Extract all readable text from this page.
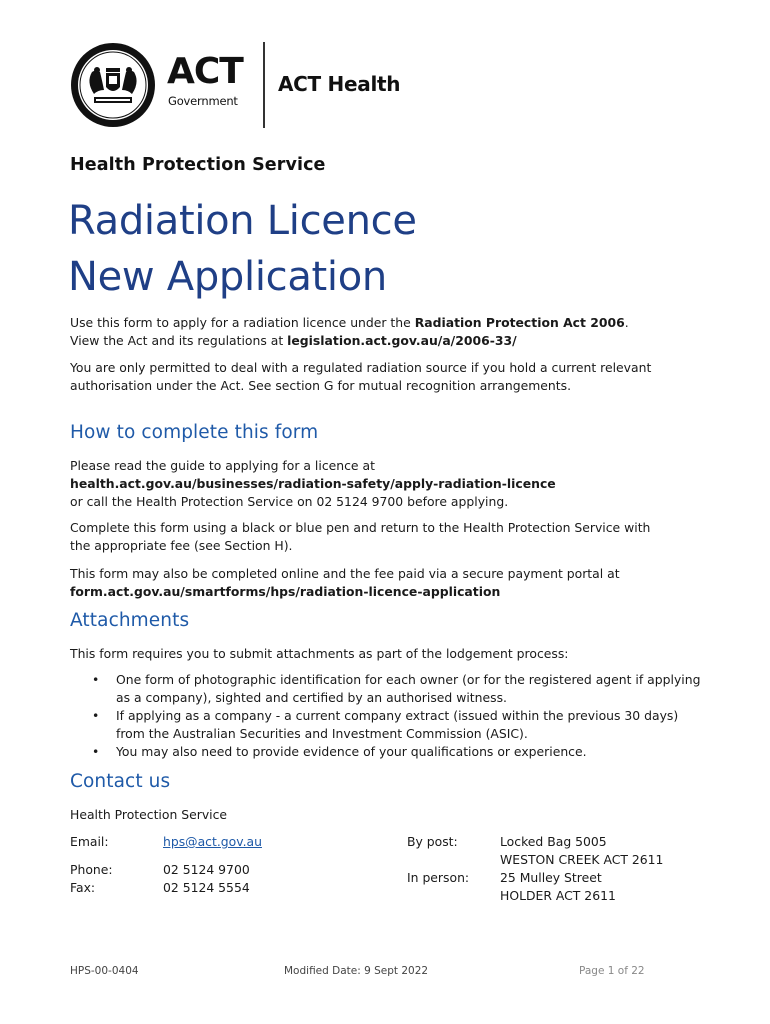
ACT
Government
ACT Health
Health Protection Service
Radiation Licence
New Application
Use this form to apply for a radiation licence under the Radiation Protection Act 2006.
View the Act and its regulations at legislation.act.gov.au/a/2006-33/
You are only permitted to deal with a regulated radiation source if you hold a current relevant authorisation under the Act. See section G for mutual recognition arrangements.
How to complete this form
Please read the guide to applying for a licence at
health.act.gov.au/businesses/radiation-safety/apply-radiation-licence
or call the Health Protection Service on 02 5124 9700 before applying.
Complete this form using a black or blue pen and return to the Health Protection Service with the appropriate fee (see Section H).
This form may also be completed online and the fee paid via a secure payment portal at
form.act.gov.au/smartforms/hps/radiation-licence-application
Attachments
This form requires you to submit attachments as part of the lodgement process:
• One form of photographic identification for each owner (or for the registered agent if applying as a company), sighted and certified by an authorised witness.
• If applying as a company - a current company extract (issued within the previous 30 days) from the Australian Securities and Investment Commission (ASIC).
• You may also need to provide evidence of your qualifications or experience.
Contact us
Health Protection Service
Email:	hps@act.gov.au
Phone:	02 5124 9700
Fax:	02 5124 5554
By post:	Locked Bag 5005
WESTON CREEK ACT 2611
In person: 25 Mulley Street
HOLDER ACT 2611
HPS-00-0404	Modified Date: 9 Sept 2022	Page 1 of 22
